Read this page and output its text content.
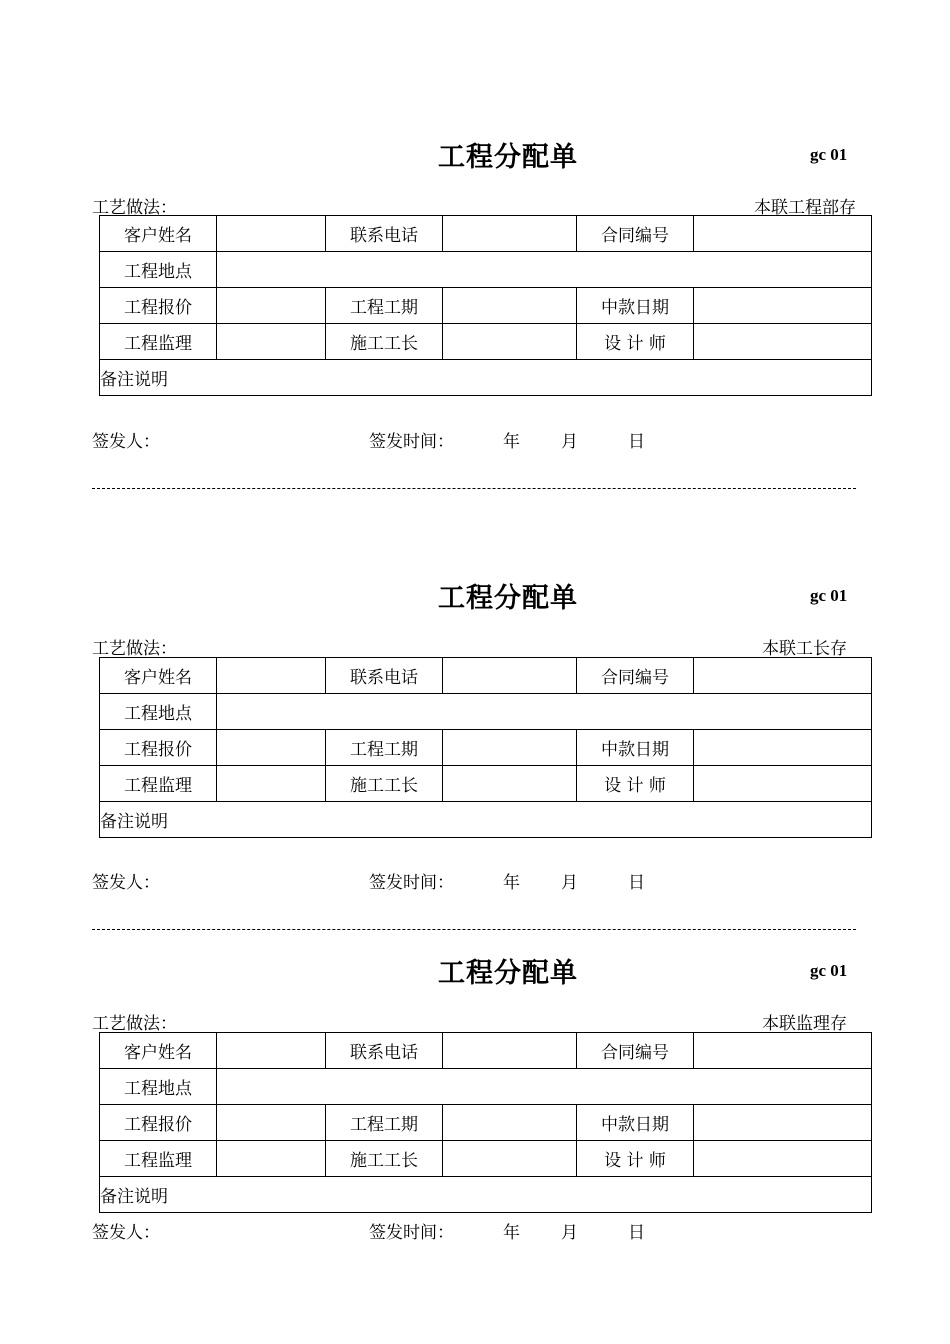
工程分配单	gc 01
工艺做法：	本联工程部存
客户姓名		联系电话		合同编号	
工程地点					
工程报价		工程工期		中款日期	
工程监理		施工工长		设 计 师	
备注说明					
签发人：	签发时间：	年 月	日
工程分配单	gc 01
工艺做法：	本联工长存
客户姓名		联系电话		合同编号	
工程地点					
工程报价		工程工期		中款日期	
工程监理		施工工长		设 计 师	
备注说明					
签发人：	签发时间：	年 月	日
工程分配单	gc 01
工艺做法：	本联监理存
客户姓名		联系电话		合同编号	
工程地点					
工程报价		工程工期		中款日期	
工程监理		施工工长		设 计 师	
备注说明					
签发人：	签发时间：	年 月	日
